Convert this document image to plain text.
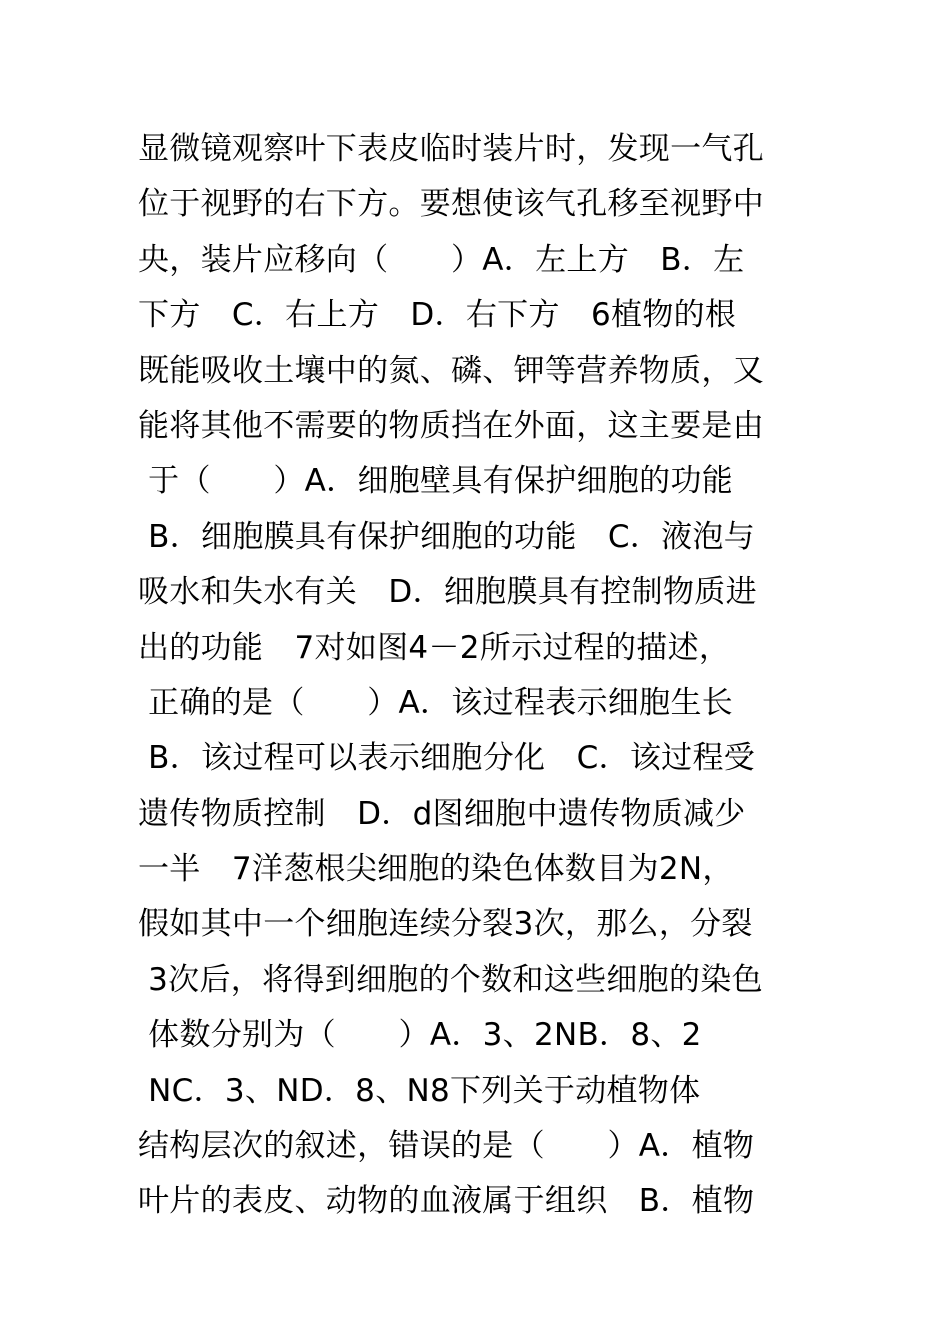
显微镜观察叶下表皮临时装片时，发现一气孔
位于视野的右下方。要想使该气孔移至视野中
央，装片应移向（　　）A．左上方　B．左
下方　C．右上方　D．右下方　6植物的根
既能吸收土壤中的氮、磷、钾等营养物质，又
能将其他不需要的物质挡在外面，这主要是由
于（　　）A．细胞壁具有保护细胞的功能
B．细胞膜具有保护细胞的功能　C．液泡与
吸水和失水有关　D．细胞膜具有控制物质进
出的功能　7对如图4－2所示过程的描述，
正确的是（　　）A．该过程表示细胞生长
B．该过程可以表示细胞分化　C．该过程受
遗传物质控制　D．d图细胞中遗传物质减少
一半　7洋葱根尖细胞的染色体数目为2N，
假如其中一个细胞连续分裂3次，那么，分裂
3次后，将得到细胞的个数和这些细胞的染色
体数分别为（　　）A．3、2NB．8、2
NC．3、ND．8、N8下列关于动植物体
结构层次的叙述，错误的是（　　）A．植物
叶片的表皮、动物的血液属于组织　B．植物
